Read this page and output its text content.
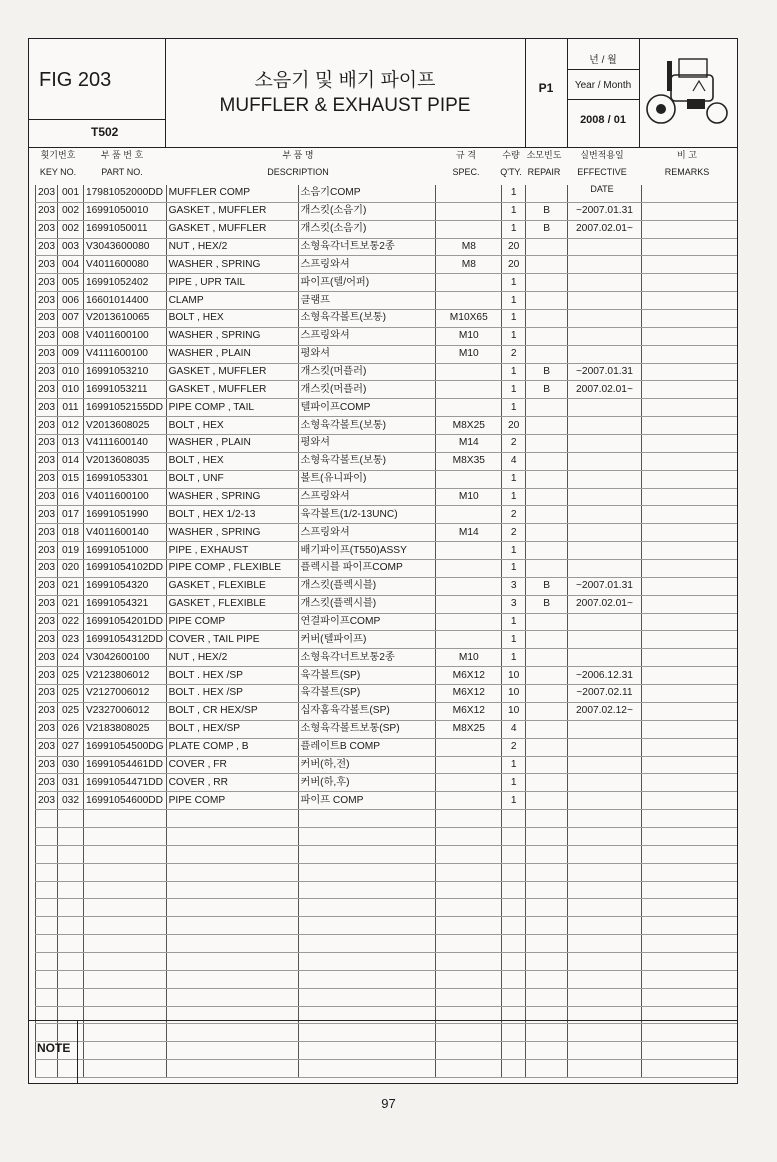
FIG 203
T502
소음기 및 배기 파이프
MUFFLER & EXHAUST PIPE
P1
년 / 월
Year / Month
2008 / 01
횟기번호
KEY NO.
부 품 번 호
PART NO.
부 품 명
DESCRIPTION
규 격
SPEC.
수량
Q'TY.
소모빈도
REPAIR
실번적용일
EFFECTIVE DATE
비 고
REMARKS
203	001	17981052000DD	MUFFLER COMP	소음기COMP		1			
203	002	16991050010	GASKET , MUFFLER	개스킷(소음기)		1	B	~2007.01.31	
203	002	16991050011	GASKET , MUFFLER	개스킷(소음기)		1	B	2007.02.01~	
203	003	V3043600080	NUT , HEX/2	소형육각너트보통2종	M8	20			
203	004	V4011600080	WASHER , SPRING	스프링와셔	M8	20			
203	005	16991052402	PIPE , UPR TAIL	파이프(텔/어퍼)		1			
203	006	16601014400	CLAMP	클램프		1			
203	007	V2013610065	BOLT , HEX	소형육각볼트(보통)	M10X65	1			
203	008	V4011600100	WASHER , SPRING	스프링와셔	M10	1			
203	009	V4111600100	WASHER , PLAIN	평와셔	M10	2			
203	010	16991053210	GASKET , MUFFLER	개스킷(머플러)		1	B	~2007.01.31	
203	010	16991053211	GASKET , MUFFLER	개스킷(머플러)		1	B	2007.02.01~	
203	011	16991052155DD	PIPE COMP , TAIL	텔파이프COMP		1			
203	012	V2013608025	BOLT , HEX	소형육각볼트(보통)	M8X25	20			
203	013	V4111600140	WASHER , PLAIN	평와셔	M14	2			
203	014	V2013608035	BOLT , HEX	소형육각볼트(보통)	M8X35	4			
203	015	16991053301	BOLT , UNF	볼트(유니파이)		1			
203	016	V4011600100	WASHER , SPRING	스프링와셔	M10	1			
203	017	16991051990	BOLT , HEX 1/2-13	육각볼트(1/2-13UNC)		2			
203	018	V4011600140	WASHER , SPRING	스프링와셔	M14	2			
203	019	16991051000	PIPE , EXHAUST	배기파이프(T550)ASSY		1			
203	020	16991054102DD	PIPE COMP , FLEXIBLE	플렉시블 파이프COMP		1			
203	021	16991054320	GASKET , FLEXIBLE	개스킷(플렉시블)		3	B	~2007.01.31	
203	021	16991054321	GASKET , FLEXIBLE	개스킷(플렉시블)		3	B	2007.02.01~	
203	022	16991054201DD	PIPE COMP	연결파이프COMP		1			
203	023	16991054312DD	COVER , TAIL PIPE	커버(텔파이프)		1			
203	024	V3042600100	NUT , HEX/2	소형육각너트보통2종	M10	1			
203	025	V2123806012	BOLT . HEX /SP	육각볼트(SP)	M6X12	10		~2006.12.31	
203	025	V2127006012	BOLT . HEX /SP	육각볼트(SP)	M6X12	10		~2007.02.11	
203	025	V2327006012	BOLT , CR HEX/SP	십자홈육각볼트(SP)	M6X12	10		2007.02.12~	
203	026	V2183808025	BOLT , HEX/SP	소형육각볼트보통(SP)	M8X25	4			
203	027	16991054500DG	PLATE COMP , B	플레이트B COMP		2			
203	030	16991054461DD	COVER , FR	커버(하,전)		1			
203	031	16991054471DD	COVER , RR	커버(하,후)		1			
203	032	16991054600DD	PIPE COMP	파이프 COMP		1			

NOTE
97
